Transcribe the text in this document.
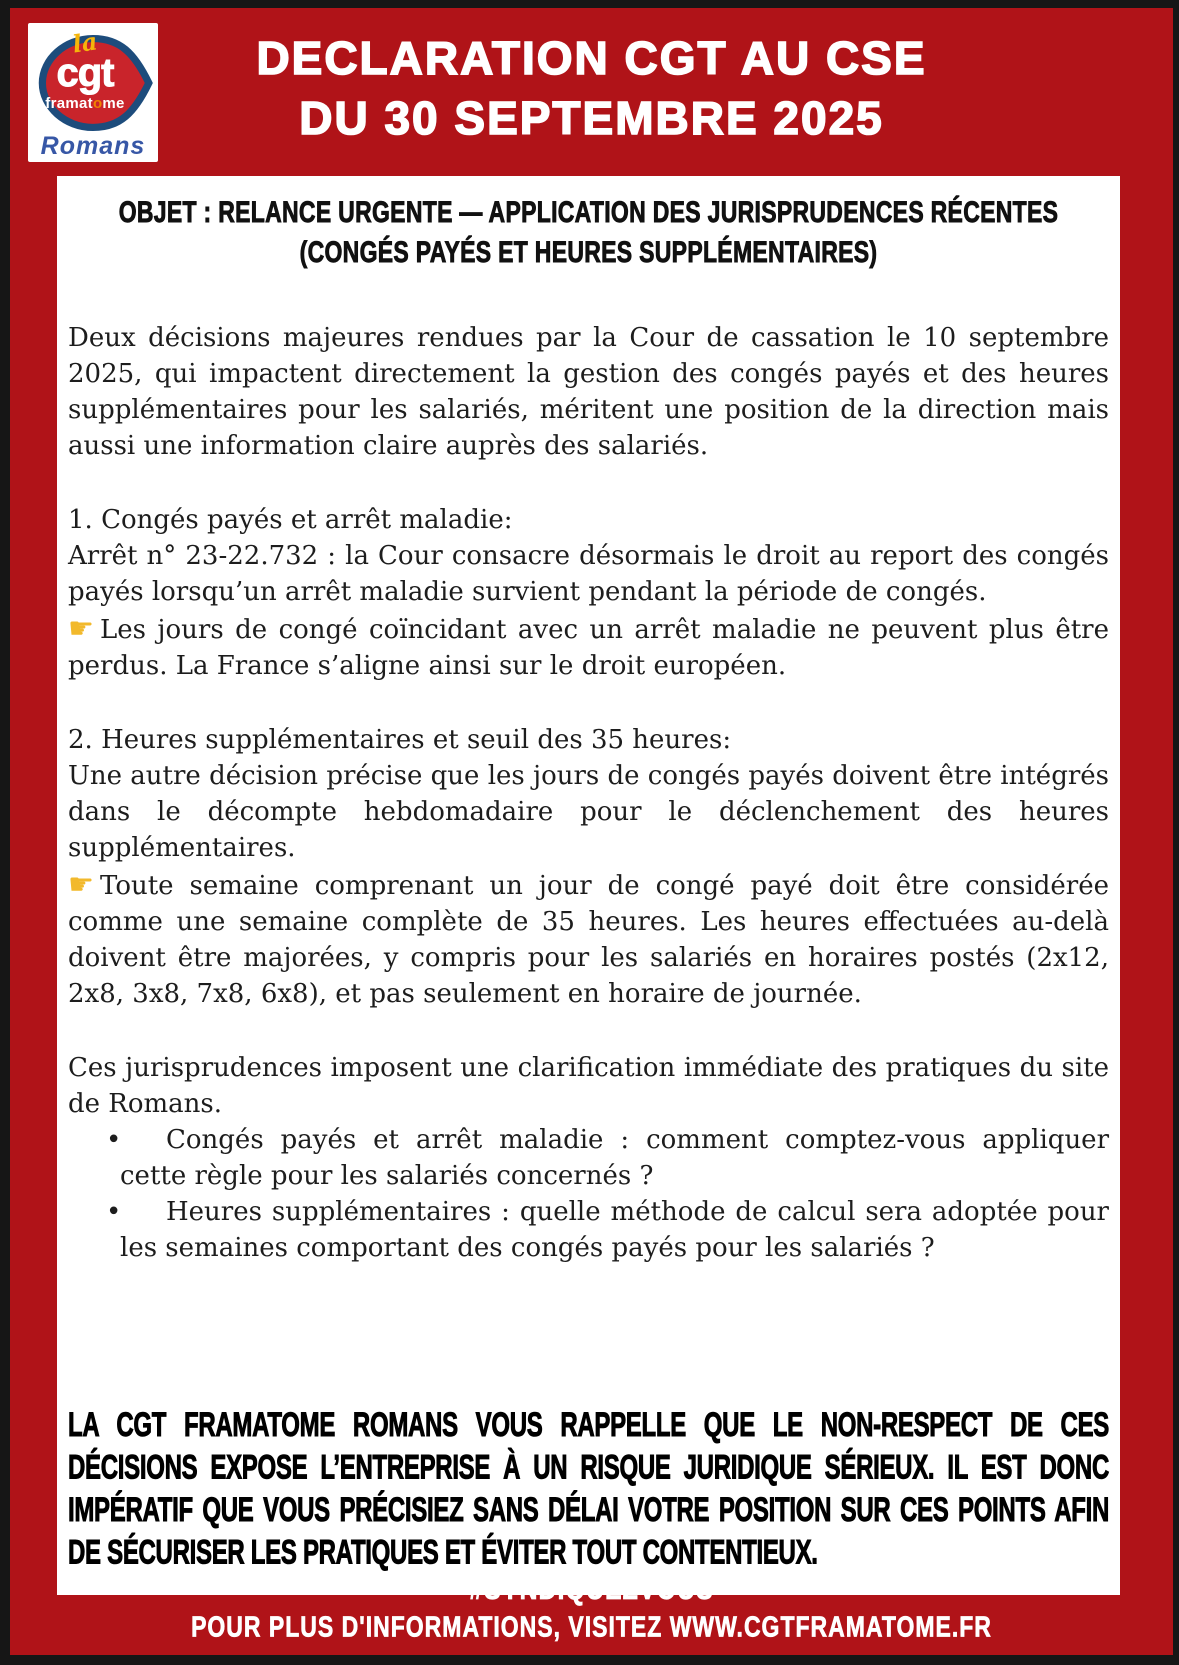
la
cgt
framatome
Romans
DECLARATION CGT AU CSE
DU 30 SEPTEMBRE 2025
OBJET : RELANCE URGENTE — APPLICATION DES JURISPRUDENCES RÉCENTES
(CONGÉS PAYÉS ET HEURES SUPPLÉMENTAIRES)

Deux décisions majeures rendues par la Cour de cassation le 10 septembre 2025, qui impactent directement la gestion des congés payés et des heures supplémentaires pour les salariés, méritent une position de la direction mais aussi une information claire auprès des salariés.

1. Congés payés et arrêt maladie:

Arrêt n° 23-22.732 : la Cour consacre désormais le droit au report des congés payés lorsqu’un arrêt maladie survient pendant la période de congés.

☛ Les jours de congé coïncidant avec un arrêt maladie ne peuvent plus être perdus. La France s’aligne ainsi sur le droit européen.

2. Heures supplémentaires et seuil des 35 heures:

Une autre décision précise que les jours de congés payés doivent être intégrés dans le décompte hebdomadaire pour le déclenchement des heures supplémentaires.

☛ Toute semaine comprenant un jour de congé payé doit être considérée comme une semaine complète de 35 heures. Les heures effectuées au-delà doivent être majorées, y compris pour les salariés en horaires postés (2x12, 2x8, 3x8, 7x8, 6x8), et pas seulement en horaire de journée.

Ces jurisprudences imposent une clarification immédiate des pratiques du site de Romans.

• Congés payés et arrêt maladie : comment comptez-vous appliquer cette règle pour les salariés concernés ?
• Heures supplémentaires : quelle méthode de calcul sera adoptée pour les semaines comportant des congés payés pour les salariés ?
LA CGT FRAMATOME ROMANS VOUS RAPPELLE QUE LE NON-RESPECT DE CES DÉCISIONS EXPOSE L’ENTREPRISE À UN RISQUE JURIDIQUE SÉRIEUX. IL EST DONC IMPÉRATIF QUE VOUS PRÉCISIEZ SANS DÉLAI VOTRE POSITION SUR CES POINTS AFIN DE SÉCURISER LES PRATIQUES ET ÉVITER TOUT CONTENTIEUX.
#SYNDIQUEZVOUS
POUR PLUS D'INFORMATIONS, VISITEZ WWW.CGTFRAMATOME.FR
